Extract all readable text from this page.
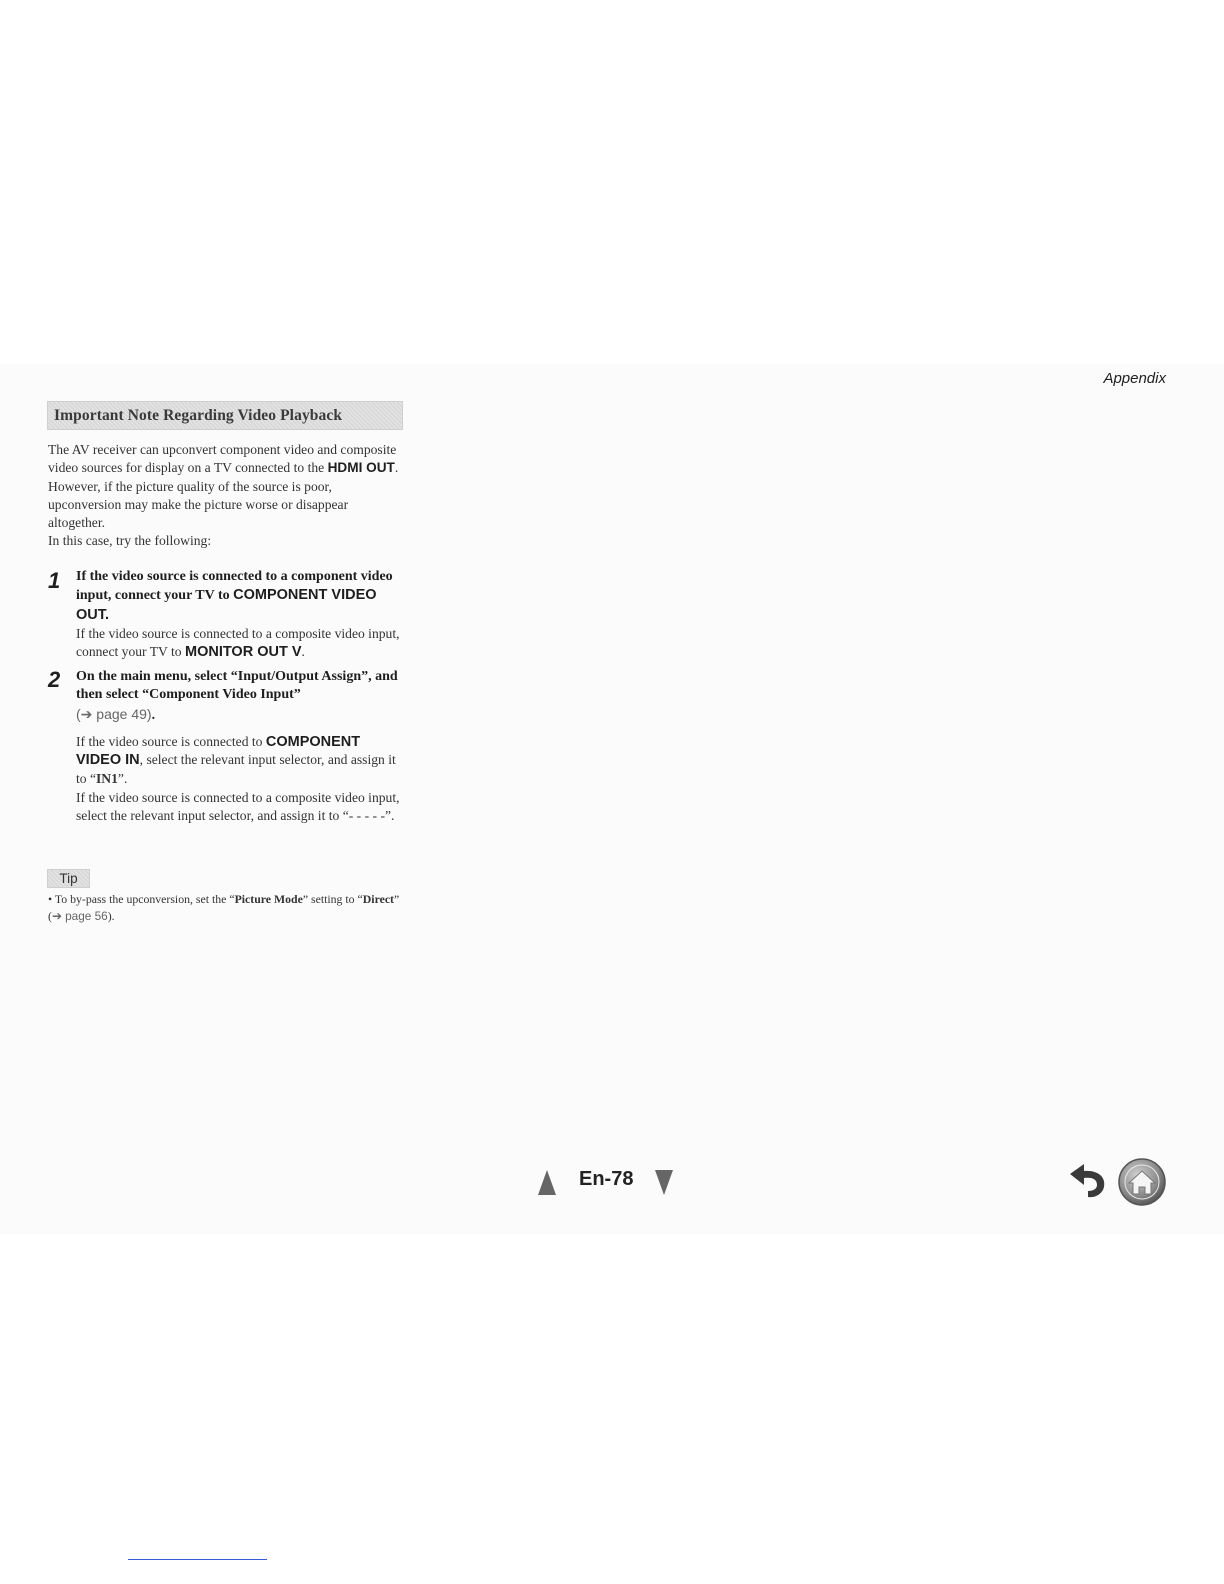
Appendix
Important Note Regarding Video Playback
The AV receiver can upconvert component video and composite video sources for display on a TV connected to the HDMI OUT. However, if the picture quality of the source is poor, upconversion may make the picture worse or disappear altogether.
In this case, try the following:
1 If the video source is connected to a component video input, connect your TV to COMPONENT VIDEO OUT.
If the video source is connected to a composite video input, connect your TV to MONITOR OUT V.
2 On the main menu, select “Input/Output Assign”, and then select “Component Video Input”
(➔ page 49).
If the video source is connected to COMPONENT VIDEO IN, select the relevant input selector, and assign it to “IN1”.
If the video source is connected to a composite video input, select the relevant input selector, and assign it to “- - - - -”.
Tip
• To by-pass the upconversion, set the “Picture Mode” setting to “Direct” (➔ page 56).
En-78
